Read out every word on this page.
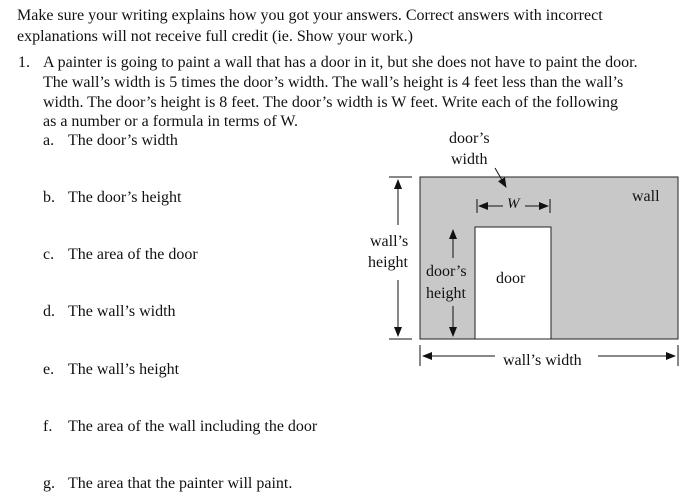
Make sure your writing explains how you got your answers. Correct answers with incorrect
explanations will not receive full credit (ie. Show your work.)
1. A painter is going to paint a wall that has a door in it, but she does not have to paint the door.
The wall’s width is 5 times the door’s width. The wall’s height is 4 feet less than the wall’s
width. The door’s height is 8 feet. The door’s width is W feet. Write each of the following
as a number or a formula in terms of W.
a. The door’s width
b. The door’s height
c. The area of the door
d. The wall’s width
e. The wall’s height
f. The area of the wall including the door
g. The area that the painter will paint.
door’s
width
W	wall
wall’s
height
door’s
height
door
wall’s width
